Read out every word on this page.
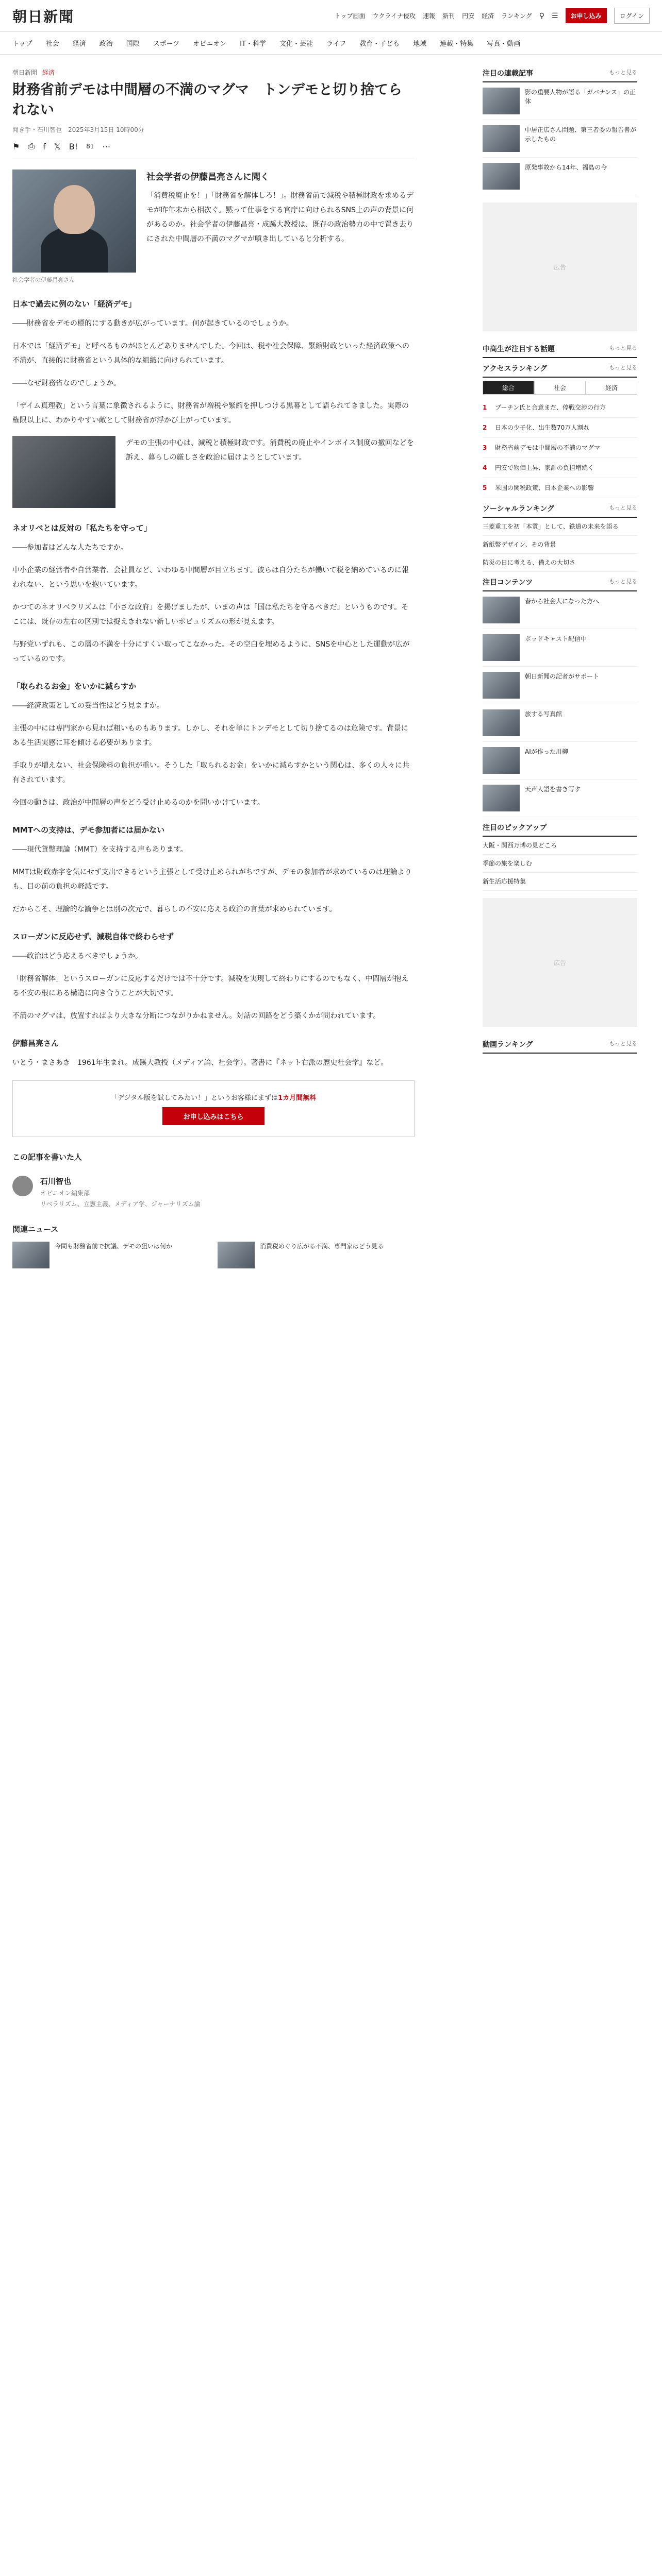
朝日新聞	トップ画面 ウクライナ侵攻 速報 新刊 円安 経済 ランキング ⚲ ☰	お申し込み	ログイン
トップ 社会 経済 政治 国際 スポーツ オピニオン IT・科学 文化・芸能 ライフ 教育・子ども 地域 連載・特集 写真・動画
朝日新聞 経済
財務省前デモは中間層の不満のマグマ　トンデモと切り捨てられない
聞き手・石川智也　2025年3月15日 10時00分
⚑ ⎙ f 𝕏 B! 81 ⋯
社会学者の伊藤昌亮さん
社会学者の伊藤昌亮さんに聞く

「消費税廃止を！」「財務省を解体しろ！」。財務省前で減税や積極財政を求めるデモが昨年末から相次ぐ。黙って仕事をする官庁に向けられるSNS上の声の背景に何があるのか。社会学者の伊藤昌亮・成蹊大教授は、既存の政治勢力の中で置き去りにされた中間層の不満のマグマが噴き出していると分析する。

日本で過去に例のない「経済デモ」

――財務省をデモの標的にする動きが広がっています。何が起きているのでしょうか。

日本では「経済デモ」と呼べるものがほとんどありませんでした。今回は、税や社会保障、緊縮財政といった経済政策への不満が、直接的に財務省という具体的な組織に向けられています。

――なぜ財務省なのでしょうか。

「ザイム真理教」という言葉に象徴されるように、財務省が増税や緊縮を押しつける黒幕として語られてきました。実際の権限以上に、わかりやすい敵として財務省が浮かび上がっています。

デモの主張の中心は、減税と積極財政です。消費税の廃止やインボイス制度の撤回などを訴え、暮らしの厳しさを政治に届けようとしています。

ネオリベとは反対の「私たちを守って」

――参加者はどんな人たちですか。

中小企業の経営者や自営業者、会社員など、いわゆる中間層が目立ちます。彼らは自分たちが働いて税を納めているのに報われない、という思いを抱いています。

かつてのネオリベラリズムは「小さな政府」を掲げましたが、いまの声は「国は私たちを守るべきだ」というものです。そこには、既存の左右の区別では捉えきれない新しいポピュリズムの形が見えます。

与野党いずれも、この層の不満を十分にすくい取ってこなかった。その空白を埋めるように、SNSを中心とした運動が広がっているのです。

「取られるお金」をいかに減らすか

――経済政策としての妥当性はどう見ますか。

主張の中には専門家から見れば粗いものもあります。しかし、それを単にトンデモとして切り捨てるのは危険です。背景にある生活実感に耳を傾ける必要があります。

手取りが増えない、社会保険料の負担が重い。そうした「取られるお金」をいかに減らすかという関心は、多くの人々に共有されています。

今回の動きは、政治が中間層の声をどう受け止めるのかを問いかけています。

MMTへの支持は、デモ参加者には届かない

――現代貨幣理論（MMT）を支持する声もあります。

MMTは財政赤字を気にせず支出できるという主張として受け止められがちですが、デモの参加者が求めているのは理論よりも、目の前の負担の軽減です。

だからこそ、理論的な論争とは別の次元で、暮らしの不安に応える政治の言葉が求められています。

スローガンに反応せず、減税自体で終わらせず

――政治はどう応えるべきでしょうか。

「財務省解体」というスローガンに反応するだけでは不十分です。減税を実現して終わりにするのでもなく、中間層が抱える不安の根にある構造に向き合うことが大切です。

不満のマグマは、放置すればより大きな分断につながりかねません。対話の回路をどう築くかが問われています。

伊藤昌亮さん

いとう・まさあき　1961年生まれ。成蹊大教授（メディア論、社会学）。著書に『ネット右派の歴史社会学』など。

「デジタル版を試してみたい！」というお客様にまずは1カ月間無料
お申し込みはこちら
この記事を書いた人
石川智也
オピニオン編集部
リベラリズム、立憲主義、メディア学、ジャーナリズム論
関連ニュース
今問も財務省前で抗議、デモの狙いは何か	消費税めぐり広がる不満、専門家はどう見る
注目の連載記事	もっと見る
影の重要人物が語る「ガバナンス」の正体
中居正広さん問題、第三者委の報告書が示したもの
原発事故から14年、福島の今
広告
中高生が注目する話題	もっと見る
アクセスランキング	もっと見る
総合	社会	経済
1	ブーチン氏と合意まだ、停戦交渉の行方
2	日本の少子化、出生数70万人割れ
3	財務省前デモは中間層の不満のマグマ
4	円安で物価上昇、家計の負担増続く
5	米国の関税政策、日本企業への影響
ソーシャルランキング	もっと見る
三菱重工を初「本質」として、鉄道の未来を語る
新紙幣デザイン、その背景
防災の日に考える、備えの大切さ
注目コンテンツ	もっと見る
春から社会人になった方へ
ポッドキャスト配信中
朝日新聞の記者がサポート
旅する写真館
AIが作った川柳
天声人語を書き写す
注目のピックアップ
大阪・関西万博の見どころ
季節の旅を楽しむ
新生活応援特集
広告
動画ランキング	もっと見る
